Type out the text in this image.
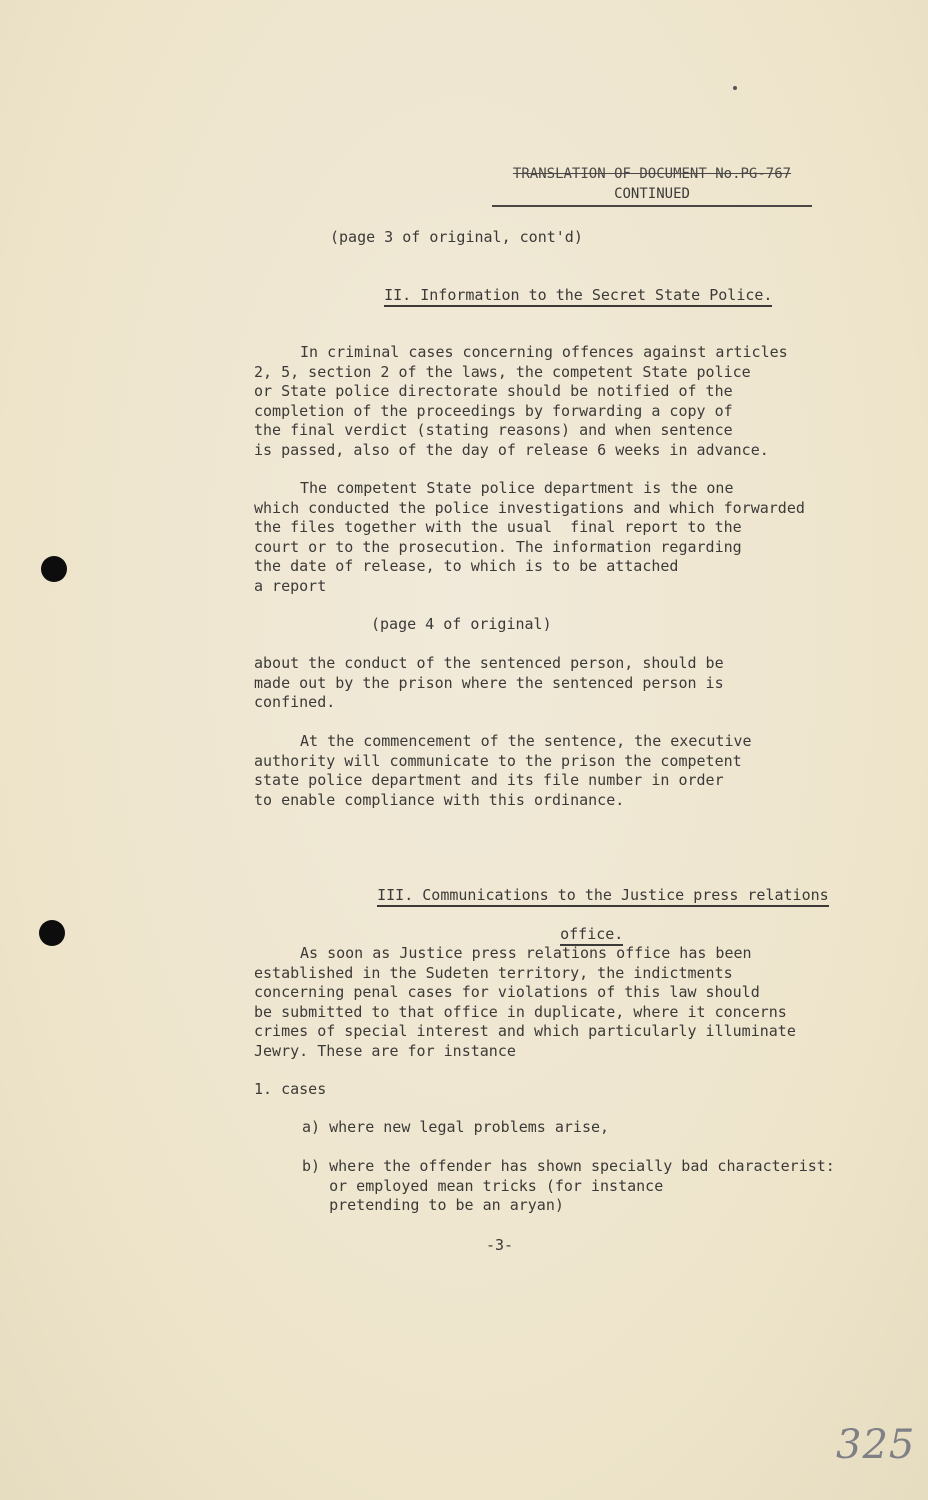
TRANSLATION OF DOCUMENT No.PG-767
CONTINUED
(page 3 of original, cont'd)

II. Information to the Secret State Police.

In criminal cases concerning offences against articles
2, 5, section 2 of the laws, the competent State police
or State police directorate should be notified of the
completion of the proceedings by forwarding a copy of
the final verdict (stating reasons) and when sentence
is passed, also of the day of release 6 weeks in advance.
The competent State police department is the one
which conducted the police investigations and which forwarded
the files together with the usual  final report to the
court or to the prosecution. The information regarding
the date of release, to which is to be attached
a report
(page 4 of original)
about the conduct of the sentenced person, should be
made out by the prison where the sentenced person is
confined.
At the commencement of the sentence, the executive
authority will communicate to the prison the competent
state police department and its file number in order
to enable compliance with this ordinance.

III. Communications to the Justice press relations

office.

As soon as Justice press relations office has been
established in the Sudeten territory, the indictments
concerning penal cases for violations of this law should
be submitted to that office in duplicate, where it concerns
crimes of special interest and which particularly illuminate
Jewry. These are for instance
1. cases
a) where new legal problems arise,
b) where the offender has shown specially bad characterist:
or employed mean tricks (for instance
pretending to be an aryan)
-3-
325
